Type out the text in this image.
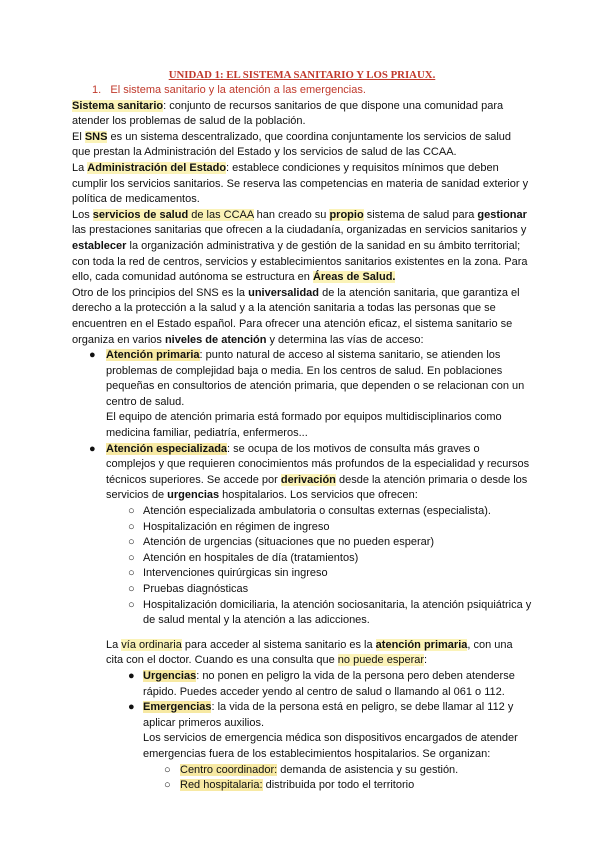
UNIDAD 1: EL SISTEMA SANITARIO Y LOS PRIAUX.

1. El sistema sanitario y la atención a las emergencias.

Sistema sanitario: conjunto de recursos sanitarios de que dispone una comunidad para atender los problemas de salud de la población.

El SNS es un sistema descentralizado, que coordina conjuntamente los servicios de salud que prestan la Administración del Estado y los servicios de salud de las CCAA.

La Administración del Estado: establece condiciones y requisitos mínimos que deben cumplir los servicios sanitarios. Se reserva las competencias en materia de sanidad exterior y política de medicamentos.

Los servicios de salud de las CCAA han creado su propio sistema de salud para gestionar las prestaciones sanitarias que ofrecen a la ciudadanía, organizadas en servicios sanitarios y establecer la organización administrativa y de gestión de la sanidad en su ámbito territorial; con toda la red de centros, servicios y establecimientos sanitarios existentes en la zona. Para ello, cada comunidad autónoma se estructura en Áreas de Salud.

Otro de los principios del SNS es la universalidad de la atención sanitaria, que garantiza el derecho a la protección a la salud y a la atención sanitaria a todas las personas que se encuentren en el Estado español. Para ofrecer una atención eficaz, el sistema sanitario se organiza en varios niveles de atención y determina las vías de acceso:

● Atención primaria: punto natural de acceso al sistema sanitario, se atienden los problemas de complejidad baja o media. En los centros de salud. En poblaciones pequeñas en consultorios de atención primaria, que dependen o se relacionan con un centro de salud.
El equipo de atención primaria está formado por equipos multidisciplinarios como medicina familiar, pediatría, enfermeros...
● Atención especializada: se ocupa de los motivos de consulta más graves o complejos y que requieren conocimientos más profundos de la especialidad y recursos técnicos superiores. Se accede por derivación desde la atención primaria o desde los servicios de urgencias hospitalarios. Los servicios que ofrecen:
○ Atención especializada ambulatoria o consultas externas (especialista).
○ Hospitalización en régimen de ingreso
○ Atención de urgencias (situaciones que no pueden esperar)
○ Atención en hospitales de día (tratamientos)
○ Intervenciones quirúrgicas sin ingreso
○ Pruebas diagnósticas
○ Hospitalización domiciliaria, la atención sociosanitaria, la atención psiquiátrica y de salud mental y la atención a las adicciones.

La vía ordinaria para acceder al sistema sanitario es la atención primaria, con una cita con el doctor. Cuando es una consulta que no puede esperar:

● Urgencias: no ponen en peligro la vida de la persona pero deben atenderse rápido. Puedes acceder yendo al centro de salud o llamando al 061 o 112.
● Emergencias: la vida de la persona está en peligro, se debe llamar al 112 y aplicar primeros auxilios.
Los servicios de emergencia médica son dispositivos encargados de atender emergencias fuera de los establecimientos hospitalarios. Se organizan:
○ Centro coordinador: demanda de asistencia y su gestión.
○ Red hospitalaria: distribuida por todo el territorio
